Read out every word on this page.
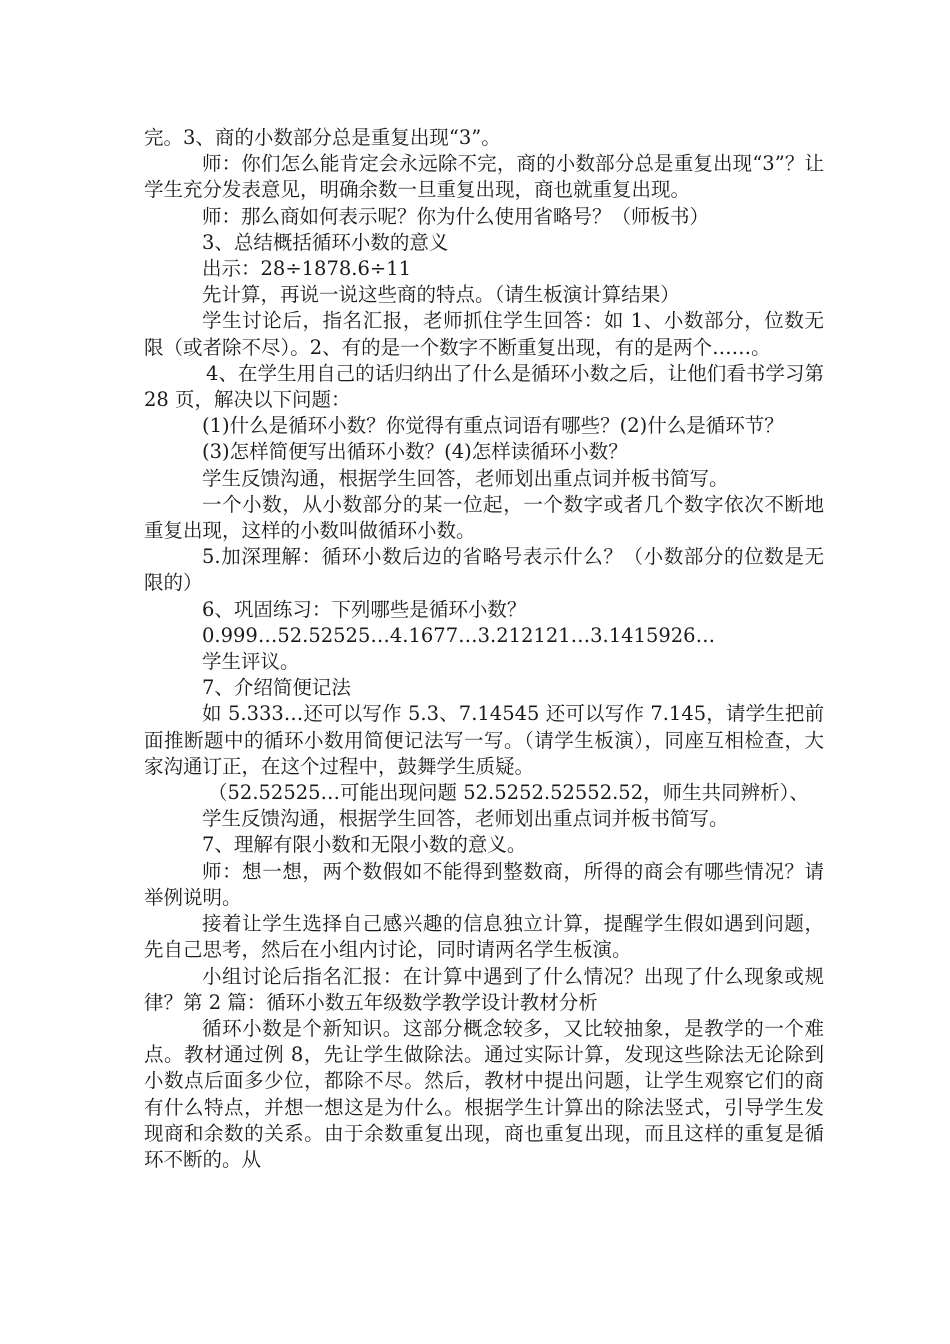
完。3、商的小数部分总是重复出现“3”。

师：你们怎么能肯定会永远除不完，商的小数部分总是重复出现“3”？让学生充分发表意见，明确余数一旦重复出现，商也就重复出现。

师：那么商如何表示呢？你为什么使用省略号？（师板书）

3、总结概括循环小数的意义

出示：28÷1878.6÷11

先计算，再说一说这些商的特点。（请生板演计算结果）

学生讨论后，指名汇报，老师抓住学生回答：如 1、小数部分，位数无限（或者除不尽）。2、有的是一个数字不断重复出现，有的是两个……。

4、在学生用自己的话归纳出了什么是循环小数之后，让他们看书学习第 28 页，解决以下问题：

(1)什么是循环小数？你觉得有重点词语有哪些？(2)什么是循环节？

(3)怎样简便写出循环小数？(4)怎样读循环小数？

学生反馈沟通，根据学生回答，老师划出重点词并板书简写。

一个小数，从小数部分的某一位起，一个数字或者几个数字依次不断地重复出现，这样的小数叫做循环小数。

5.加深理解：循环小数后边的省略号表示什么？（小数部分的位数是无限的）

6、巩固练习：下列哪些是循环小数？

0.999…52.52525…4.1677…3.212121…3.1415926…

学生评议。

7、介绍简便记法

如 5.333…还可以写作 5.3、7.14545 还可以写作 7.145，请学生把前面推断题中的循环小数用简便记法写一写。（请学生板演），同座互相检查，大家沟通订正，在这个过程中，鼓舞学生质疑。

（52.52525…可能出现问题 52.5252.52552.52，师生共同辨析）、

学生反馈沟通，根据学生回答，老师划出重点词并板书简写。

7、理解有限小数和无限小数的意义。

师：想一想，两个数假如不能得到整数商，所得的商会有哪些情况？请举例说明。

接着让学生选择自己感兴趣的信息独立计算，提醒学生假如遇到问题，先自己思考，然后在小组内讨论，同时请两名学生板演。

小组讨论后指名汇报：在计算中遇到了什么情况？出现了什么现象或规律？第 2 篇：循环小数五年级数学教学设计教材分析

循环小数是个新知识。这部分概念较多，又比较抽象，是教学的一个难点。教材通过例 8，先让学生做除法。通过实际计算，发现这些除法无论除到小数点后面多少位，都除不尽。然后，教材中提出问题，让学生观察它们的商有什么特点，并想一想这是为什么。根据学生计算出的除法竖式，引导学生发现商和余数的关系。由于余数重复出现，商也重复出现，而且这样的重复是循环不断的。从
